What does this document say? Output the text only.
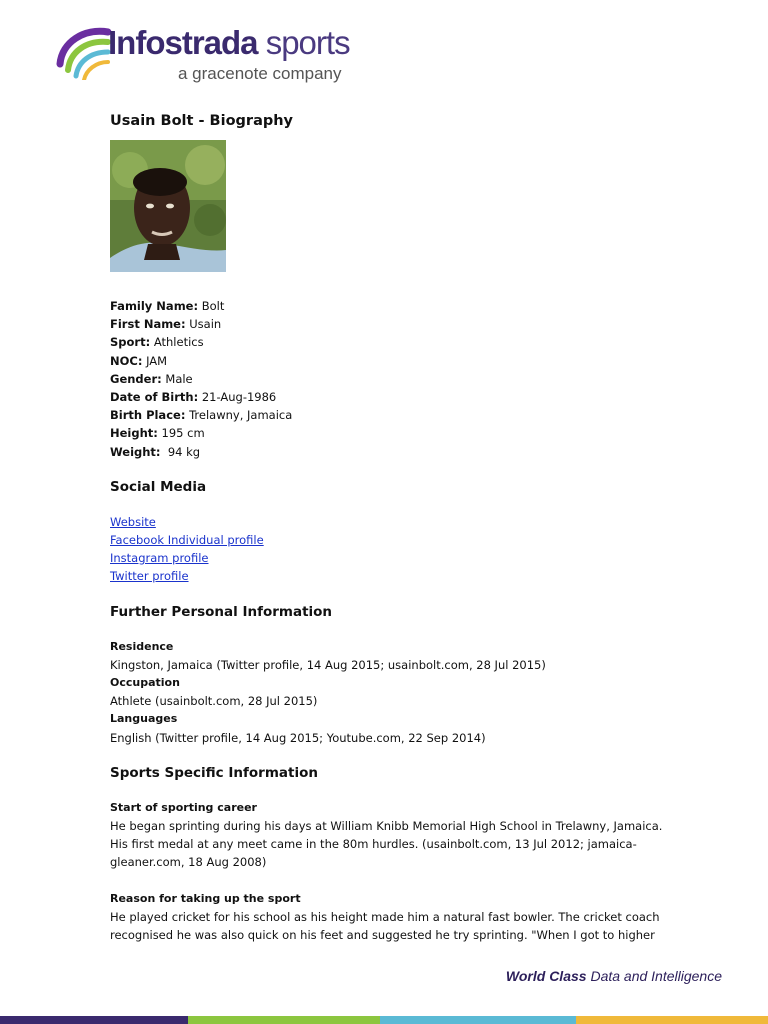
Infostrada sports
a gracenote company
Usain Bolt - Biography
Family Name: Bolt
First Name: Usain
Sport: Athletics
NOC: JAM
Gender: Male
Date of Birth: 21-Aug-1986
Birth Place: Trelawny, Jamaica
Height: 195 cm
Weight:  94 kg
Social Media
Website
Facebook Individual profile
Instagram profile
Twitter profile
Further Personal Information
Residence

Kingston, Jamaica (Twitter profile, 14 Aug 2015; usainbolt.com, 28 Jul 2015)

Occupation

Athlete (usainbolt.com, 28 Jul 2015)

Languages

English (Twitter profile, 14 Aug 2015; Youtube.com, 22 Sep 2014)

Sports Specific Information
Start of sporting career

He began sprinting during his days at William Knibb Memorial High School in Trelawny, Jamaica. His first medal at any meet came in the 80m hurdles. (usainbolt.com, 13 Jul 2012; jamaica-gleaner.com, 18 Aug 2008)

Reason for taking up the sport

He played cricket for his school as his height made him a natural fast bowler. The cricket coach recognised he was also quick on his feet and suggested he try sprinting. "When I got to higher

World Class Data and Intelligence
